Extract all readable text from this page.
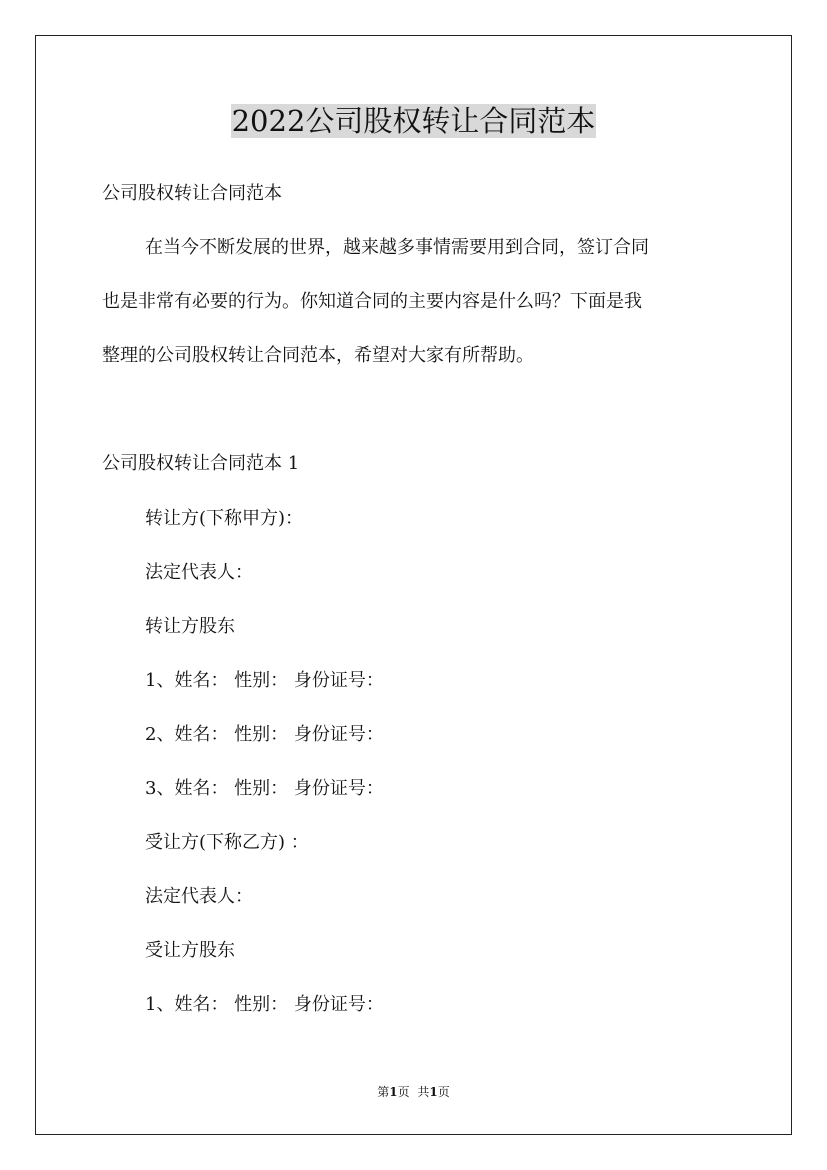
2022公司股权转让合同范本
公司股权转让合同范本
在当今不断发展的世界，越来越多事情需要用到合同，签订合同
也是非常有必要的行为。你知道合同的主要内容是什么吗？下面是我
整理的公司股权转让合同范本，希望对大家有所帮助。
公司股权转让合同范本 1
转让方(下称甲方)：
法定代表人：
转让方股东
1、姓名： 性别： 身份证号：
2、姓名： 性别： 身份证号：
3、姓名： 性别： 身份证号：
受让方(下称乙方) ：
法定代表人：
受让方股东
1、姓名： 性别： 身份证号：
第1页 共1页
